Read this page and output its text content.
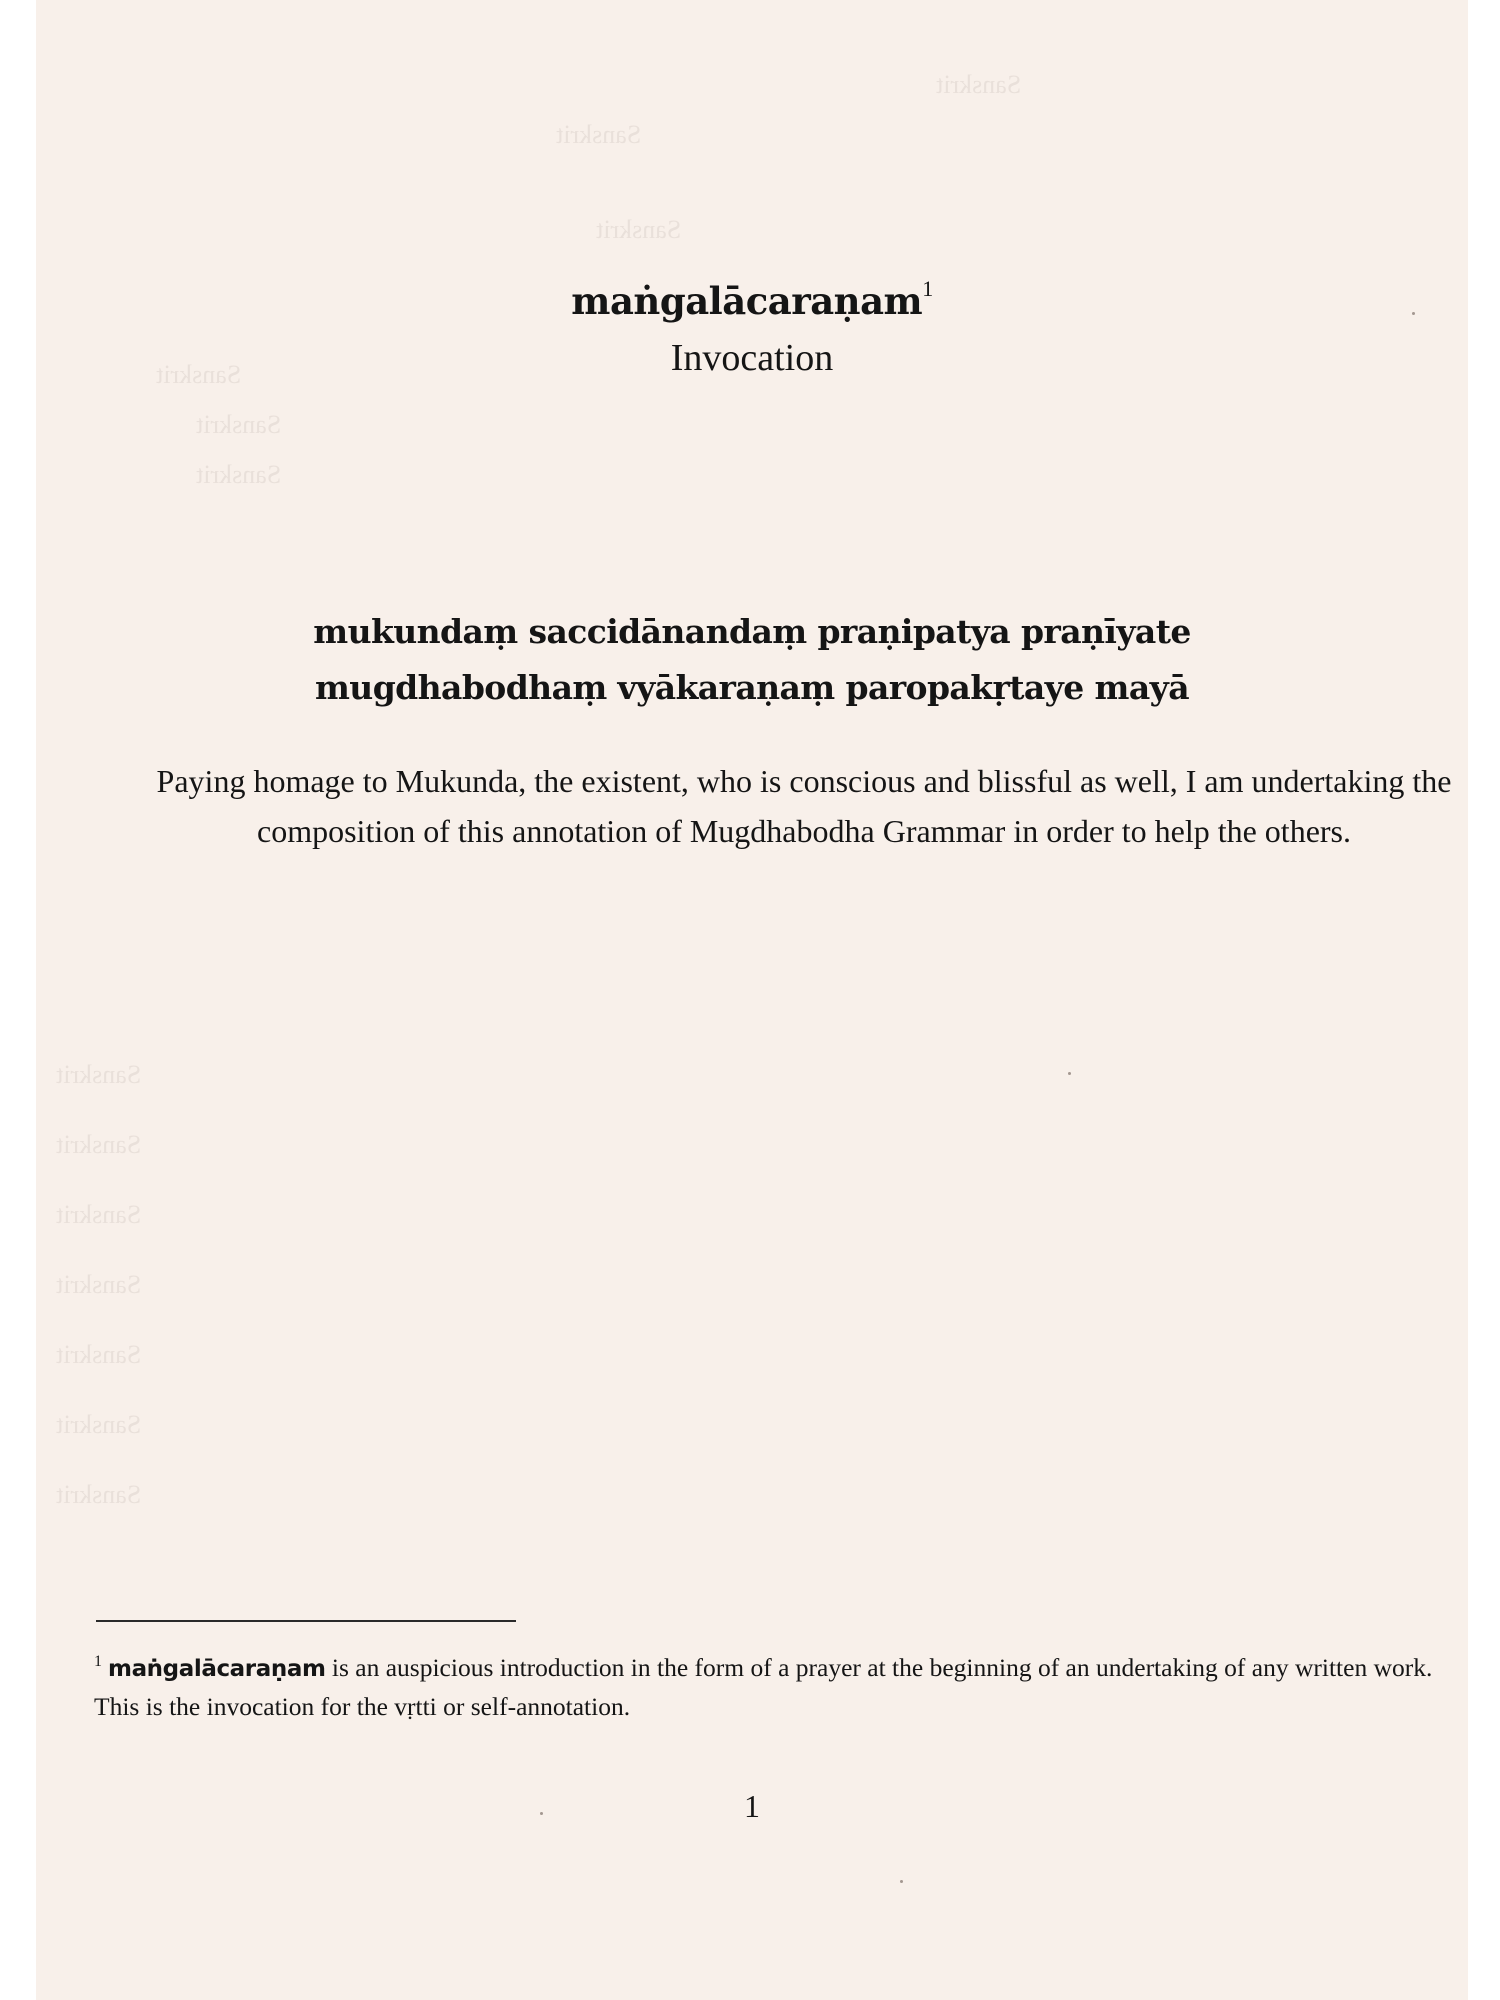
Sanskrit
Sanskrit
Sanskrit
Sanskrit
Sanskrit
Sanskrit
Sanskrit
Sanskrit
Sanskrit
Sanskrit
Sanskrit
Sanskrit
Sanskrit
maṅgalācaraṇam$^1$
Invocation
mukundaṃ saccidānandaṃ praṇipatya praṇīyate
mugdhabodhaṃ vyākaraṇaṃ paropakṛtaye mayā
Paying homage to Mukunda, the existent, who is conscious and blissful as well, I am undertaking the composition of this annotation of Mugdhabodha Grammar in order to help the others.
$^1$ maṅgalācaraṇam is an auspicious introduction in the form of a prayer at the beginning of an undertaking of any written work. This is the invocation for the vṛtti or self-annotation.
1
